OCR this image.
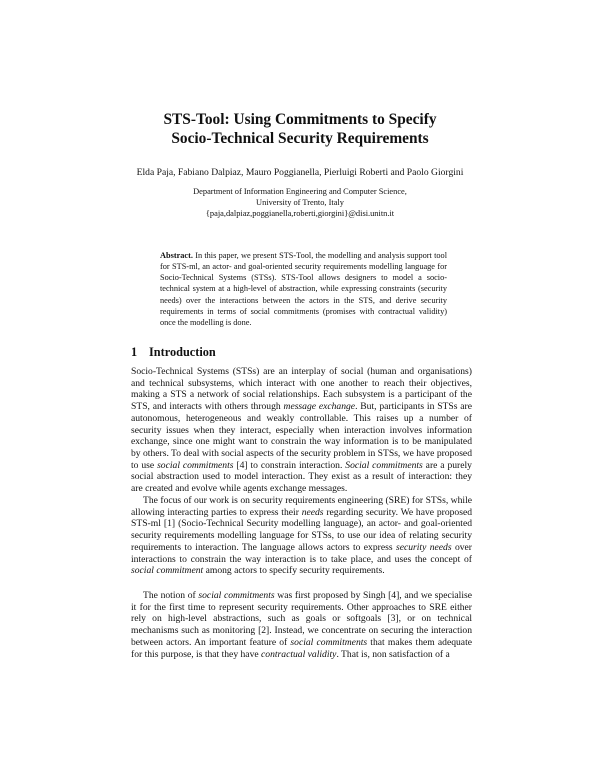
STS-Tool: Using Commitments to Specify
Socio-Technical Security Requirements
Elda Paja, Fabiano Dalpiaz, Mauro Poggianella, Pierluigi Roberti and Paolo Giorgini
Department of Information Engineering and Computer Science,
University of Trento, Italy
{paja,dalpiaz,poggianella,roberti,giorgini}@disi.unitn.it
Abstract. In this paper, we present STS-Tool, the modelling and analysis support tool for STS-ml, an actor- and goal-oriented security requirements modelling language for Socio-Technical Systems (STSs). STS-Tool allows designers to model a socio-technical system at a high-level of abstraction, while expressing constraints (security needs) over the interactions between the actors in the STS, and derive security requirements in terms of social commitments (promises with contractual validity) once the modelling is done.
1 Introduction
Socio-Technical Systems (STSs) are an interplay of social (human and organisations) and technical subsystems, which interact with one another to reach their objectives, making a STS a network of social relationships. Each subsystem is a participant of the STS, and interacts with others through message exchange. But, participants in STSs are autonomous, heterogeneous and weakly controllable. This raises up a number of security issues when they interact, especially when interaction involves information exchange, since one might want to constrain the way information is to be manipulated by others. To deal with social aspects of the security problem in STSs, we have proposed to use social commitments [4] to constrain interaction. Social commitments are a purely social abstraction used to model interaction. They exist as a result of interaction: they are created and evolve while agents exchange messages.
The focus of our work is on security requirements engineering (SRE) for STSs, while allowing interacting parties to express their needs regarding security. We have proposed STS-ml [1] (Socio-Technical Security modelling language), an actor- and goal-oriented security requirements modelling language for STSs, to use our idea of relating security requirements to interaction. The language allows actors to express security needs over interactions to constrain the way interaction is to take place, and uses the concept of social commitment among actors to specify security requirements.
The notion of social commitments was first proposed by Singh [4], and we specialise it for the first time to represent security requirements. Other approaches to SRE either rely on high-level abstractions, such as goals or softgoals [3], or on technical mechanisms such as monitoring [2]. Instead, we concentrate on securing the interaction between actors. An important feature of social commitments that makes them adequate for this purpose, is that they have contractual validity. That is, non satisfaction of a
